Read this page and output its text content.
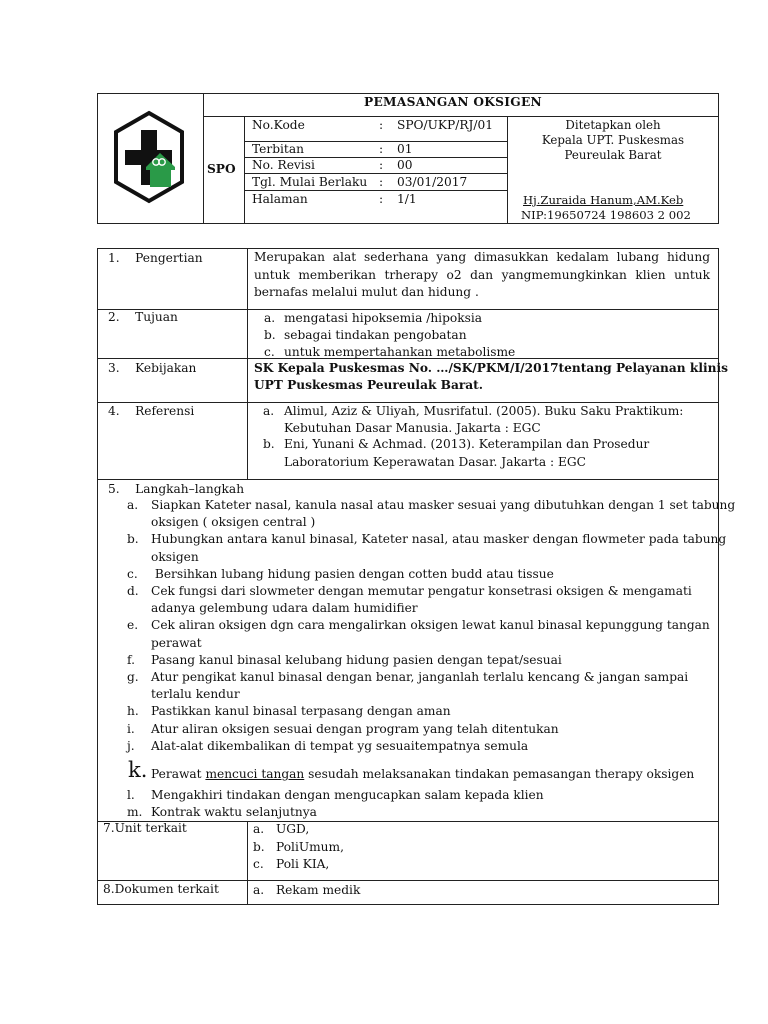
PEMASANGAN OKSIGEN
SPO
No.Kode	: SPO/UKP/RJ/01
Terbitan	: 01
No. Revisi	: 00
Tgl. Mulai Berlaku : 03/01/2017
Halaman	: 1/1
Ditetapkan oleh
Kepala UPT. Puskesmas
Peureulak Barat
Hj.Zuraida Hanum,AM.Keb
NIP:19650724 198603 2 002
1.    Pengertian	Merupakan alat sederhana yang dimasukkan kedalam lubang hidung untuk memberikan trherapy o2 dan yangmemungkinkan klien untuk bernafas melalui mulut dan hidung .
2.    Tujuan	a. mengatasi hipoksemia /hipoksia
b. sebagai tindakan pengobatan
c. untuk mempertahankan metabolisme
3.    Kebijakan	SK Kepala Puskesmas No. …/SK/PKM/I/2017tentang Pelayanan klinis
UPT Puskesmas Peureulak Barat.
4.    Referensi	a. Alimul, Aziz & Uliyah, Musrifatul. (2005). Buku Saku Praktikum:
Kebutuhan Dasar Manusia. Jakarta : EGC
b. Eni, Yunani & Achmad. (2013). Keterampilan dan Prosedur
Laboratorium Keperawatan Dasar. Jakarta : EGC
5.    Langkah–langkah
a. Siapkan Kateter nasal, kanula nasal atau masker sesuai yang dibutuhkan dengan 1 set tabung
oksigen ( oksigen central )
b. Hubungkan antara kanul binasal, Kateter nasal, atau masker dengan flowmeter pada tabung
oksigen
c. Bersihkan lubang hidung pasien dengan cotten budd atau tissue
d. Cek fungsi dari slowmeter dengan memutar pengatur konsetrasi oksigen & mengamati
adanya gelembung udara dalam humidifier
e. Cek aliran oksigen dgn cara mengalirkan oksigen lewat kanul binasal kepunggung tangan
perawat
f. Pasang kanul binasal kelubang hidung pasien dengan tepat/sesuai
g. Atur pengikat kanul binasal dengan benar, janganlah terlalu kencang & jangan sampai
terlalu kendur
h. Pastikkan kanul binasal terpasang dengan aman
i. Atur aliran oksigen sesuai dengan program yang telah ditentukan
j. Alat-alat dikembalikan di tempat yg sesuaitempatnya semula
k. Perawat mencuci tangan sesudah melaksanakan tindakan pemasangan therapy oksigen
l. Mengakhiri tindakan dengan mengucapkan salam kepada klien
m. Kontrak waktu selanjutnya
7.Unit terkait	a. UGD,
b. PoliUmum,
c. Poli KIA,
8.Dokumen terkait	a. Rekam medik
